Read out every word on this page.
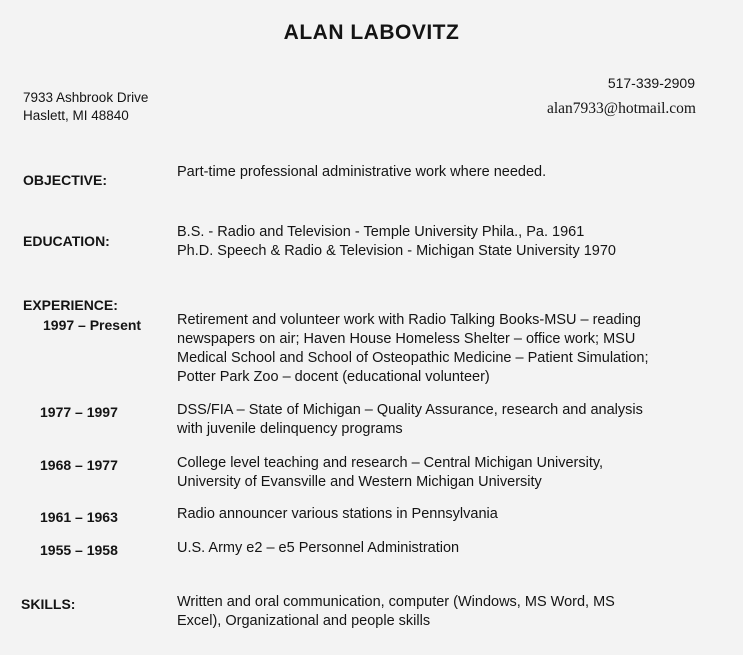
ALAN LABOVITZ
7933 Ashbrook Drive
Haslett, MI 48840
517-339-2909
alan7933@hotmail.com
OBJECTIVE:	Part-time professional administrative work where needed.
EDUCATION:
B.S. - Radio and Television - Temple University Phila., Pa. 1961
Ph.D. Speech & Radio & Television - Michigan State University 1970
EXPERIENCE:
1997 – Present Retirement and volunteer work with Radio Talking Books-MSU – reading
newspapers on air; Haven House Homeless Shelter – office work; MSU
Medical School and School of Osteopathic Medicine – Patient Simulation;
Potter Park Zoo – docent (educational volunteer)
1977 – 1997	DSS/FIA – State of Michigan – Quality Assurance, research and analysis
with juvenile delinquency programs
1968 – 1977	College level teaching and research – Central Michigan University,
University of Evansville and Western Michigan University
1961 – 1963	Radio announcer various stations in Pennsylvania
1955 – 1958	U.S. Army e2 – e5 Personnel Administration
SKILLS:	Written and oral communication, computer (Windows, MS Word, MS
Excel), Organizational and people skills
